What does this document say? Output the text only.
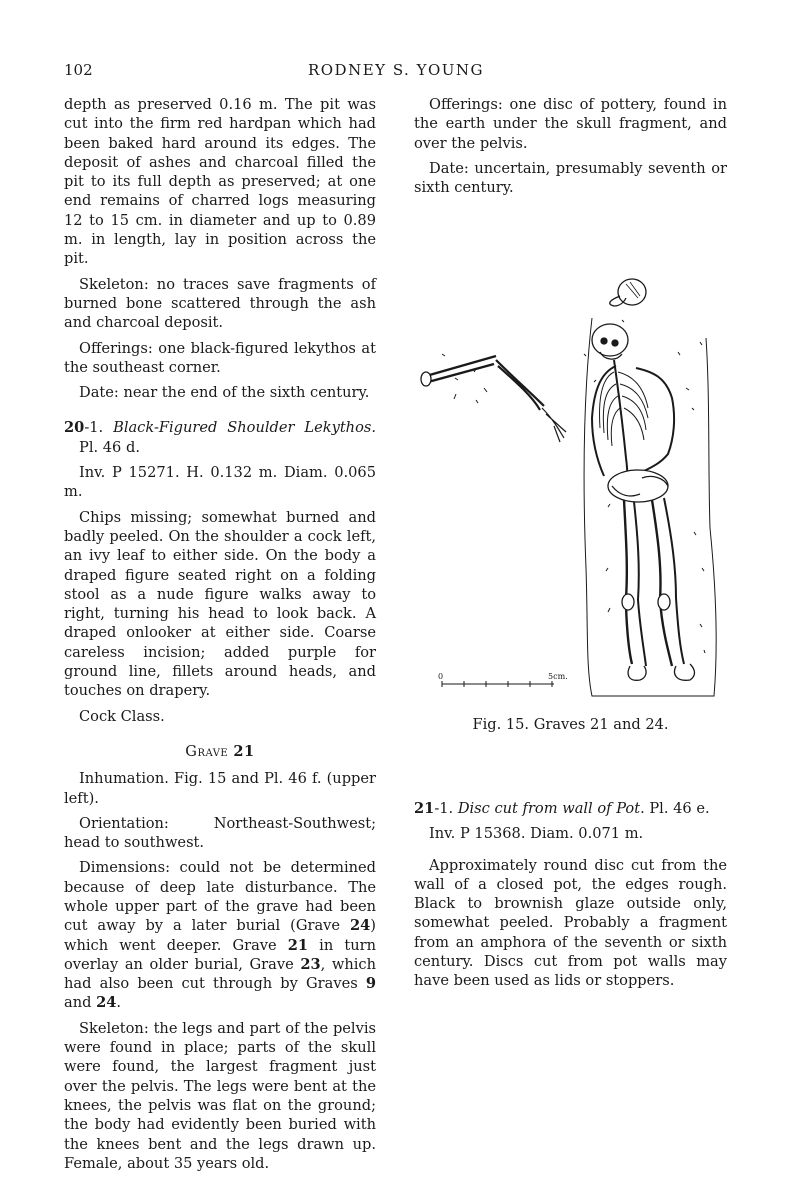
102	RODNEY S. YOUNG

depth as preserved 0.16 m. The pit was cut into the firm red hardpan which had been baked hard around its edges. The deposit of ashes and charcoal filled the pit to its full depth as preserved; at one end remains of charred logs measuring 12 to 15 cm. in diameter and up to 0.89 m. in length, lay in position across the pit.

Skeleton: no traces save fragments of burned bone scattered through the ash and charcoal deposit.

Offerings: one black-figured lekythos at the southeast corner.

Date: near the end of the sixth century.

20-1. Black-Figured Shoulder Lekythos. Pl. 46 d.

Inv. P 15271. H. 0.132 m. Diam. 0.065 m.

Chips missing; somewhat burned and badly peeled. On the shoulder a cock left, an ivy leaf to either side. On the body a draped figure seated right on a folding stool as a nude figure walks away to right, turning his head to look back. A draped onlooker at either side. Coarse careless incision; added purple for ground line, fillets around heads, and touches on drapery.

Cock Class.

Grave 21

Inhumation. Fig. 15 and Pl. 46 f. (upper left).

Orientation: Northeast-Southwest; head to southwest.

Dimensions: could not be determined because of deep late disturbance. The whole upper part of the grave had been cut away by a later burial (Grave 24) which went deeper. Grave 21 in turn overlay an older burial, Grave 23, which had also been cut through by Graves 9 and 24.

Skeleton: the legs and part of the pelvis were found in place; parts of the skull were found, the largest fragment just over the pelvis. The legs were bent at the knees, the pelvis was flat on the ground; the body had evidently been buried with the knees bent and the legs drawn up. Female, about 35 years old.

Offerings: one disc of pottery, found in the earth under the skull fragment, and over the pelvis.

Date: uncertain, presumably seventh or sixth century.

0	5cm.
Fig. 15. Graves 21 and 24.

21-1. Disc cut from wall of Pot. Pl. 46 e.

Inv. P 15368. Diam. 0.071 m.

Approximately round disc cut from the wall of a closed pot, the edges rough. Black to brownish glaze outside only, somewhat peeled. Probably a fragment from an amphora of the seventh or sixth century. Discs cut from pot walls may have been used as lids or stoppers.
